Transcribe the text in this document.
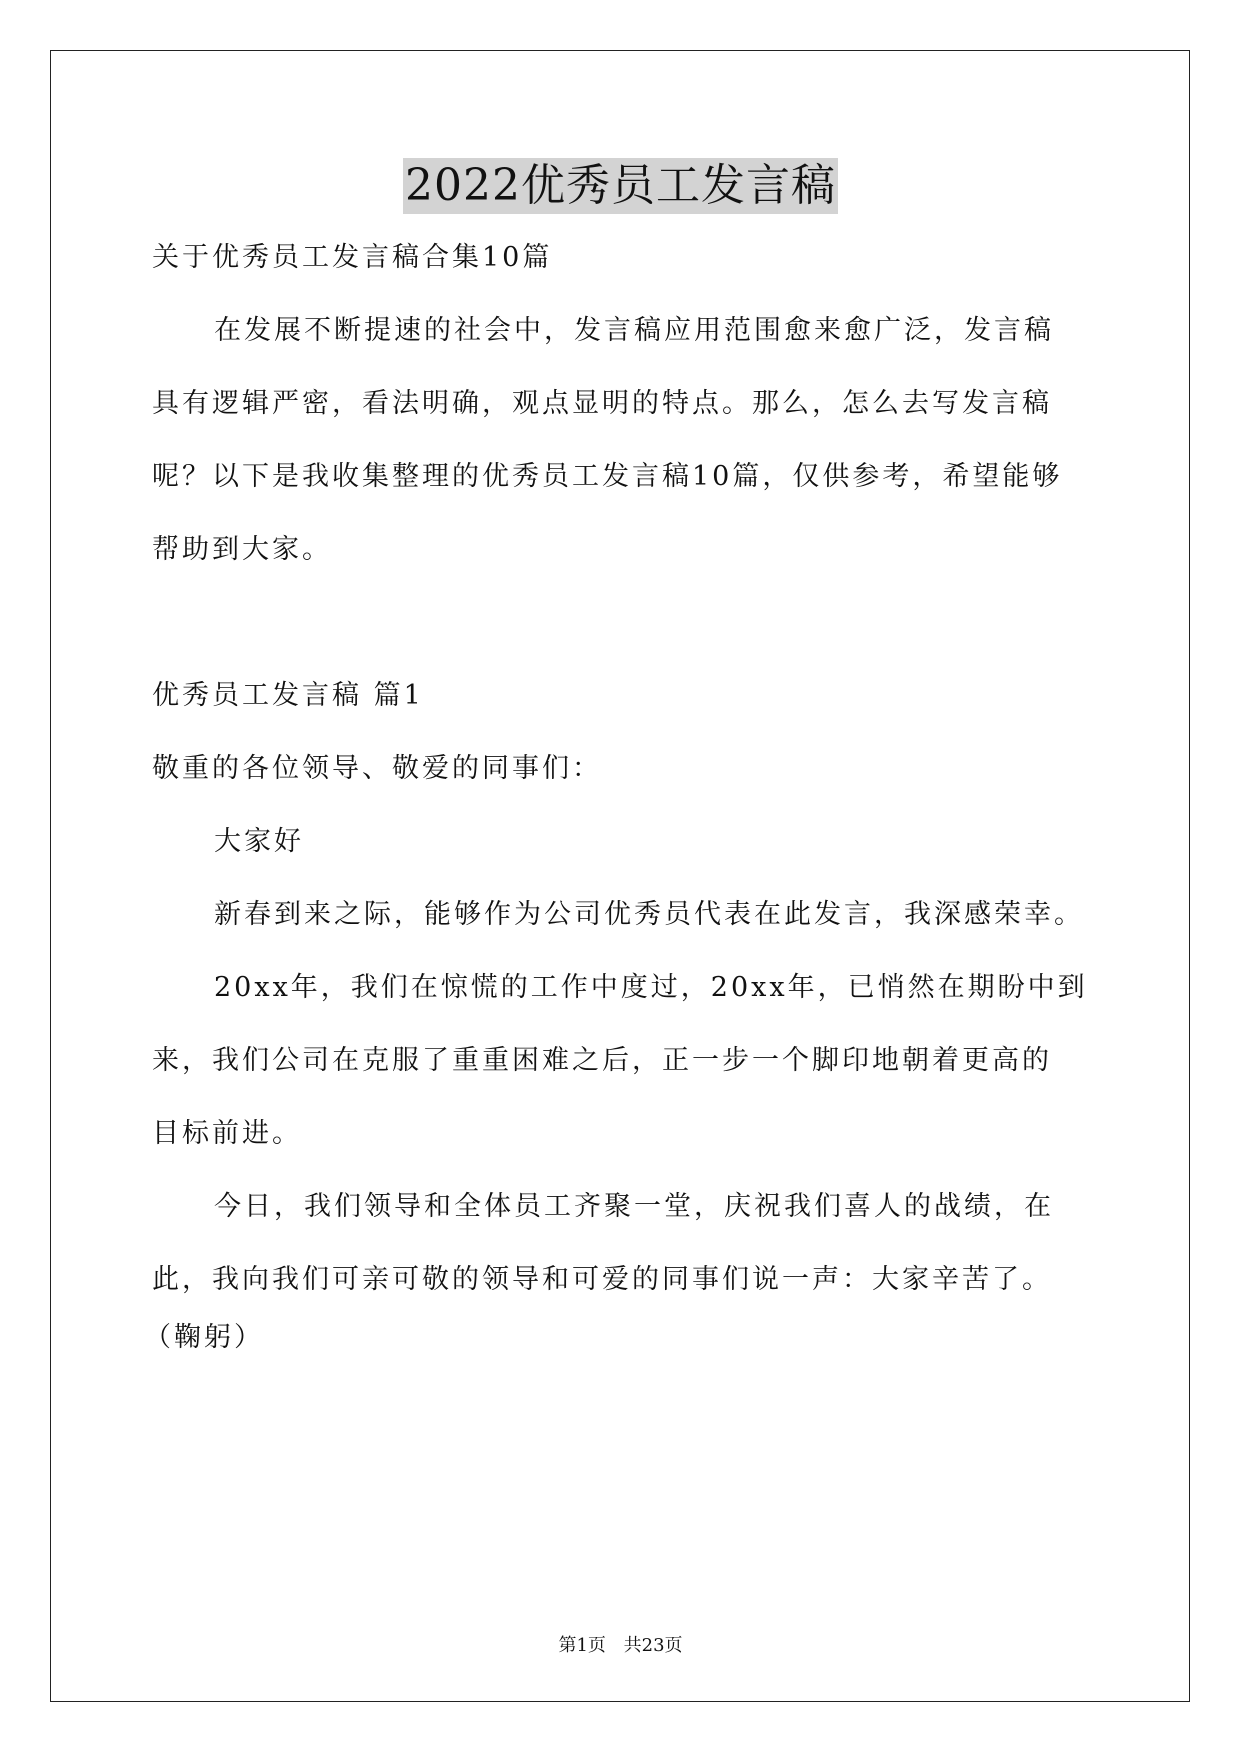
2022优秀员工发言稿
关于优秀员工发言稿合集10篇
在发展不断提速的社会中，发言稿应用范围愈来愈广泛，发言稿
具有逻辑严密，看法明确，观点显明的特点。那么，怎么去写发言稿
呢？以下是我收集整理的优秀员工发言稿10篇，仅供参考，希望能够
帮助到大家。
优秀员工发言稿 篇1
敬重的各位领导、敬爱的同事们：
大家好
新春到来之际，能够作为公司优秀员代表在此发言，我深感荣幸。
20xx年，我们在惊慌的工作中度过，20xx年，已悄然在期盼中到
来，我们公司在克服了重重困难之后，正一步一个脚印地朝着更高的
目标前进。
今日，我们领导和全体员工齐聚一堂，庆祝我们喜人的战绩，在
此，我向我们可亲可敬的领导和可爱的同事们说一声：大家辛苦了。
（鞠躬）
第1页 共23页
